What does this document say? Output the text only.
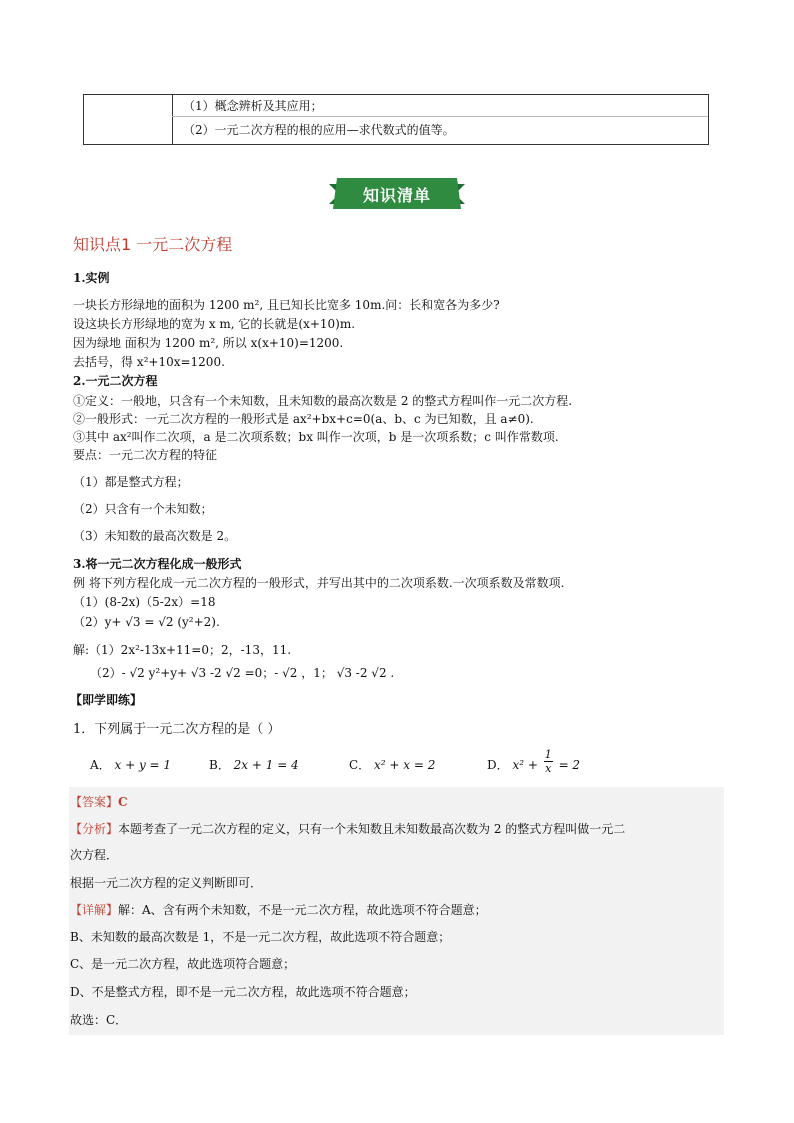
（1）概念辨析及其应用；
（2）一元二次方程的根的应用—求代数式的值等。
知识清单
知识点1 一元二次方程
1.实例
一块长方形绿地的面积为 1200 m², 且已知长比宽多 10m.问：长和宽各为多少?
设这块长方形绿地的宽为 x m, 它的长就是(x+10)m.
因为绿地 面积为 1200 m², 所以 x(x+10)=1200.
去括号，得 x²+10x=1200.
2.一元二次方程
①定义：一般地，只含有一个未知数，且未知数的最高次数是 2 的整式方程叫作一元二次方程.
②一般形式：一元二次方程的一般形式是 ax²+bx+c=0(a、b、c 为已知数，且 a≠0).
③其中 ax²叫作二次项，a 是二次项系数；bx 叫作一次项，b 是一次项系数；c 叫作常数项.
要点：一元二次方程的特征
（1）都是整式方程；
（2）只含有一个未知数；
（3）未知数的最高次数是 2。
3.将一元二次方程化成一般形式
例 将下列方程化成一元二次方程的一般形式，并写出其中的二次项系数.一次项系数及常数项.
（1）(8-2x)（5-2x）=18
（2）y+ √3 = √2 (y²+2).
解:（1）2x²-13x+11=0；2，-13，11.
（2）- √2 y²+y+ √3 -2 √2 =0；- √2 ，1； √3 -2 √2 .
【即学即练】
1．下列属于一元二次方程的是（ ）
A． x + y = 1	B． 2x + 1 = 4	C． x² + x = 2	D． $x^2 + \frac{1}{x} = 2$
【答案】C
【分析】本题考查了一元二次方程的定义，只有一个未知数且未知数最高次数为 2 的整式方程叫做一元二
次方程．
根据一元二次方程的定义判断即可．
【详解】解：A、含有两个未知数，不是一元二次方程，故此选项不符合题意；
B、未知数的最高次数是 1，不是一元二次方程，故此选项不符合题意；
C、是一元二次方程，故此选项符合题意；
D、不是整式方程，即不是一元二次方程，故此选项不符合题意；
故选：C．
